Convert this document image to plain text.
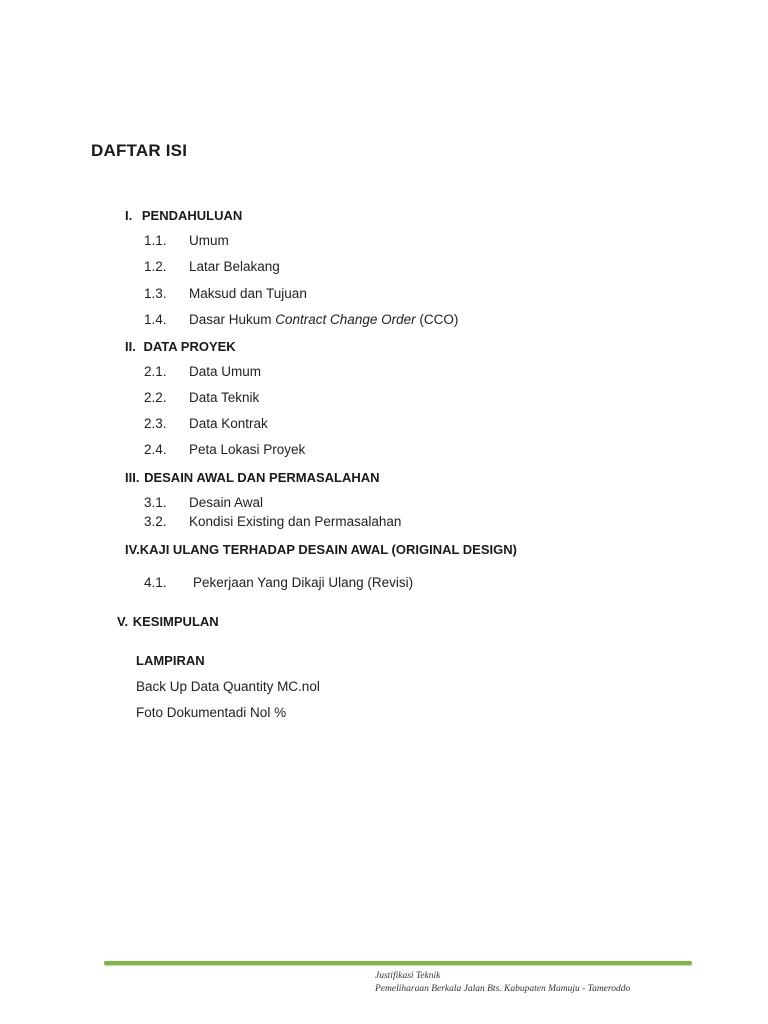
DAFTAR ISI
I. PENDAHULUAN
1.1. Umum
1.2. Latar Belakang
1.3. Maksud dan Tujuan
1.4. Dasar Hukum Contract Change Order (CCO)
II. DATA PROYEK
2.1. Data Umum
2.2. Data Teknik
2.3. Data Kontrak
2.4. Peta Lokasi Proyek
III. DESAIN AWAL DAN PERMASALAHAN
3.1. Desain Awal
3.2. Kondisi Existing dan Permasalahan
IV.KAJI ULANG TERHADAP DESAIN AWAL (ORIGINAL DESIGN)
4.1. Pekerjaan Yang Dikaji Ulang (Revisi)
V. KESIMPULAN
LAMPIRAN
Back Up Data Quantity MC.nol
Foto Dokumentadi Nol %
Justifikasi Teknik
Pemeliharaan Berkala Jalan Bts. Kabupaten Mamuju - Tameroddo
